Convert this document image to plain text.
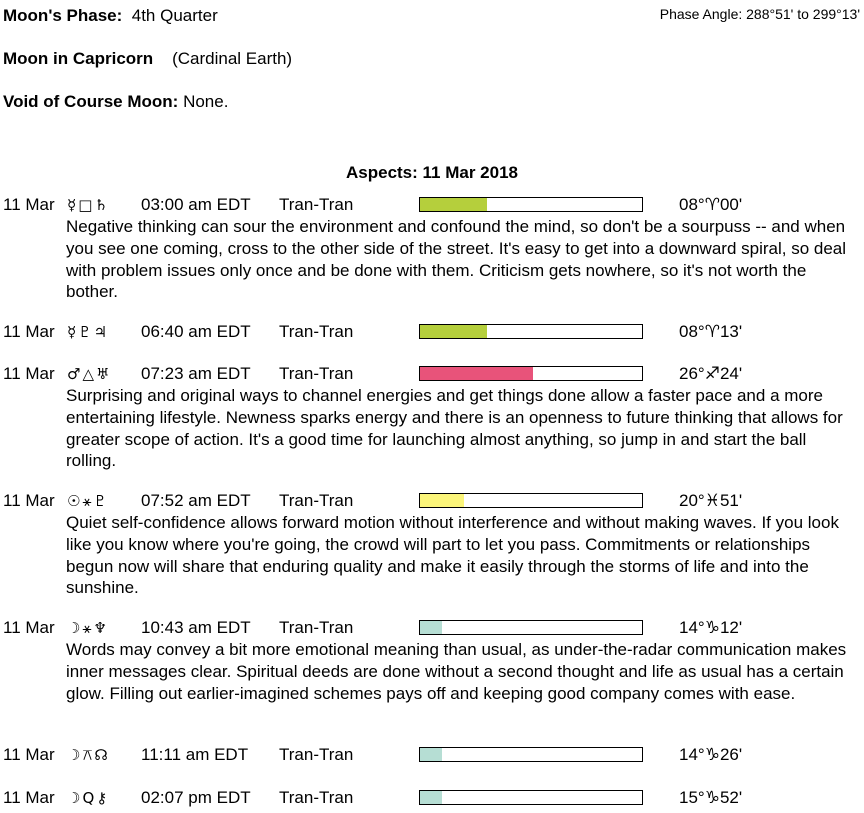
Moon's Phase: 4th Quarter	Phase Angle: 288°51' to 299°13'
Moon in Capricorn (Cardinal Earth)
Void of Course Moon: None.
Aspects: 11 Mar 2018
11 Mar ☿□♄ 03:00 am EDT Tran-Tran	08°♈00'
Negative thinking can sour the environment and confound the mind, so don't be a sourpuss -- and when you see one coming, cross to the other side of the street. It's easy to get into a downward spiral, so deal with problem issues only once and be done with them. Criticism gets nowhere, so it's not worth the bother.
11 Mar ☿♇♃ 06:40 am EDT Tran-Tran	08°♈13'
11 Mar ♂△♅ 07:23 am EDT Tran-Tran	26°♐24'
Surprising and original ways to channel energies and get things done allow a faster pace and a more entertaining lifestyle. Newness sparks energy and there is an openness to future thinking that allows for greater scope of action. It's a good time for launching almost anything, so jump in and start the ball rolling.
11 Mar ☉⚹♇ 07:52 am EDT Tran-Tran	20°♓51'
Quiet self-confidence allows forward motion without interference and without making waves. If you look like you know where you're going, the crowd will part to let you pass. Commitments or relationships begun now will share that enduring quality and make it easily through the storms of life and into the sunshine.
11 Mar ☽⚹♆ 10:43 am EDT Tran-Tran	14°♑12'
Words may convey a bit more emotional meaning than usual, as under-the-radar communication makes inner messages clear. Spiritual deeds are done without a second thought and life as usual has a certain glow. Filling out earlier-imagined schemes pays off and keeping good company comes with ease.
11 Mar ☽⚻☊ 11:11 am EDT Tran-Tran	14°♑26'
11 Mar ☽Q⚷ 02:07 pm EDT Tran-Tran	15°♑52'
